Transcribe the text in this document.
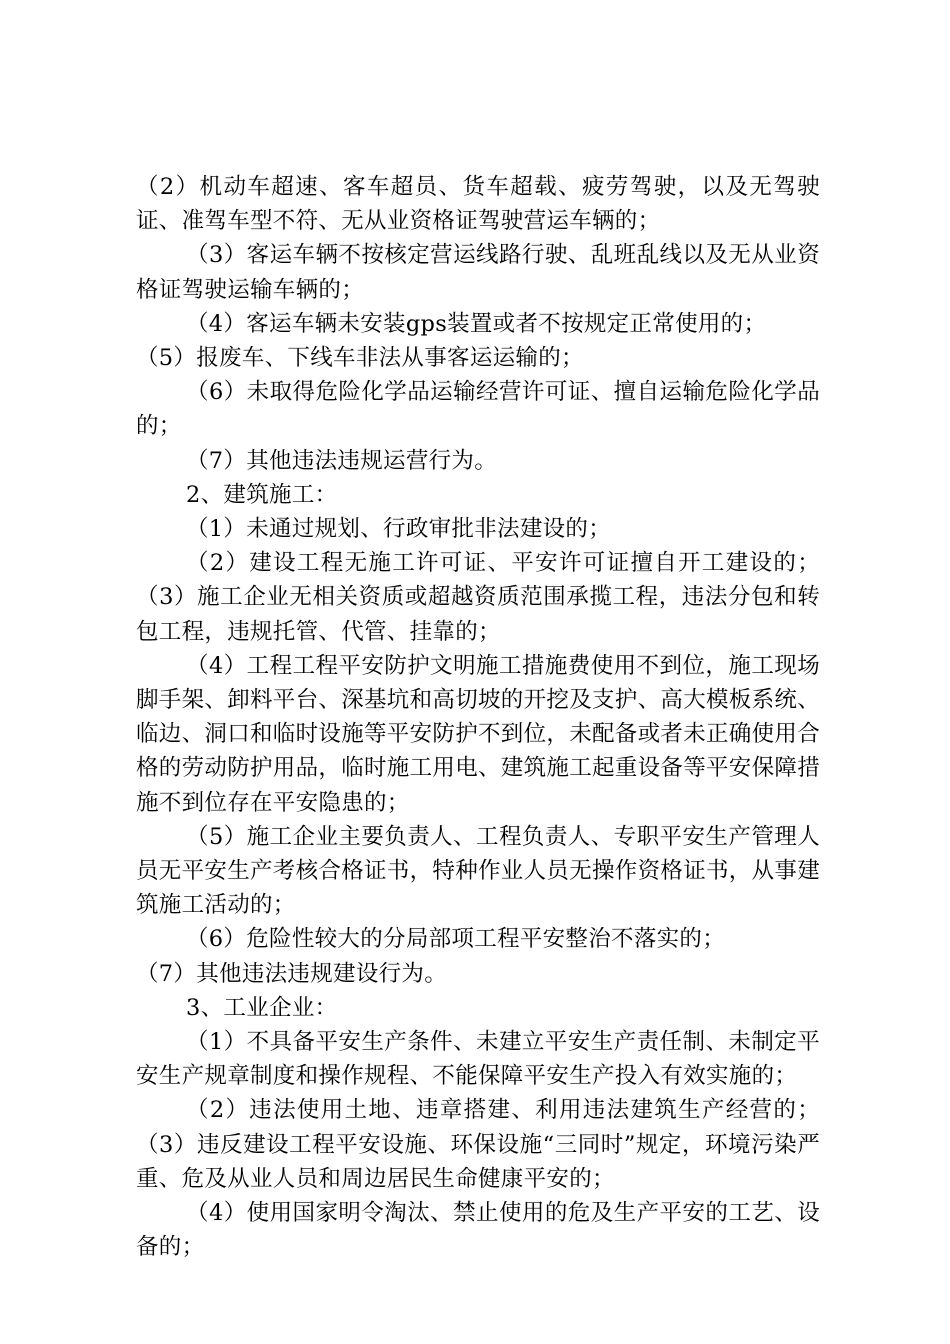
（2）机动车超速、客车超员、货车超载、疲劳驾驶，以及无驾驶证、准驾车型不符、无从业资格证驾驶营运车辆的；

（3）客运车辆不按核定营运线路行驶、乱班乱线以及无从业资格证驾驶运输车辆的；

（4）客运车辆未安装gps装置或者不按规定正常使用的；

（5）报废车、下线车非法从事客运运输的；

（6）未取得危险化学品运输经营许可证、擅自运输危险化学品的；

（7）其他违法违规运营行为。

2、建筑施工：

（1）未通过规划、行政审批非法建设的；

（2）建设工程无施工许可证、平安许可证擅自开工建设的；（3）施工企业无相关资质或超越资质范围承揽工程，违法分包和转包工程，违规托管、代管、挂靠的；

（4）工程工程平安防护文明施工措施费使用不到位，施工现场脚手架、卸料平台、深基坑和高切坡的开挖及支护、高大模板系统、临边、洞口和临时设施等平安防护不到位，未配备或者未正确使用合格的劳动防护用品，临时施工用电、建筑施工起重设备等平安保障措施不到位存在平安隐患的；

（5）施工企业主要负责人、工程负责人、专职平安生产管理人员无平安生产考核合格证书，特种作业人员无操作资格证书，从事建筑施工活动的；

（6）危险性较大的分局部项工程平安整治不落实的；

（7）其他违法违规建设行为。

3、工业企业：

（1）不具备平安生产条件、未建立平安生产责任制、未制定平安生产规章制度和操作规程、不能保障平安生产投入有效实施的；

（2）违法使用土地、违章搭建、利用违法建筑生产经营的；（3）违反建设工程平安设施、环保设施“三同时”规定，环境污染严重、危及从业人员和周边居民生命健康平安的；

（4）使用国家明令淘汰、禁止使用的危及生产平安的工艺、设备的；
